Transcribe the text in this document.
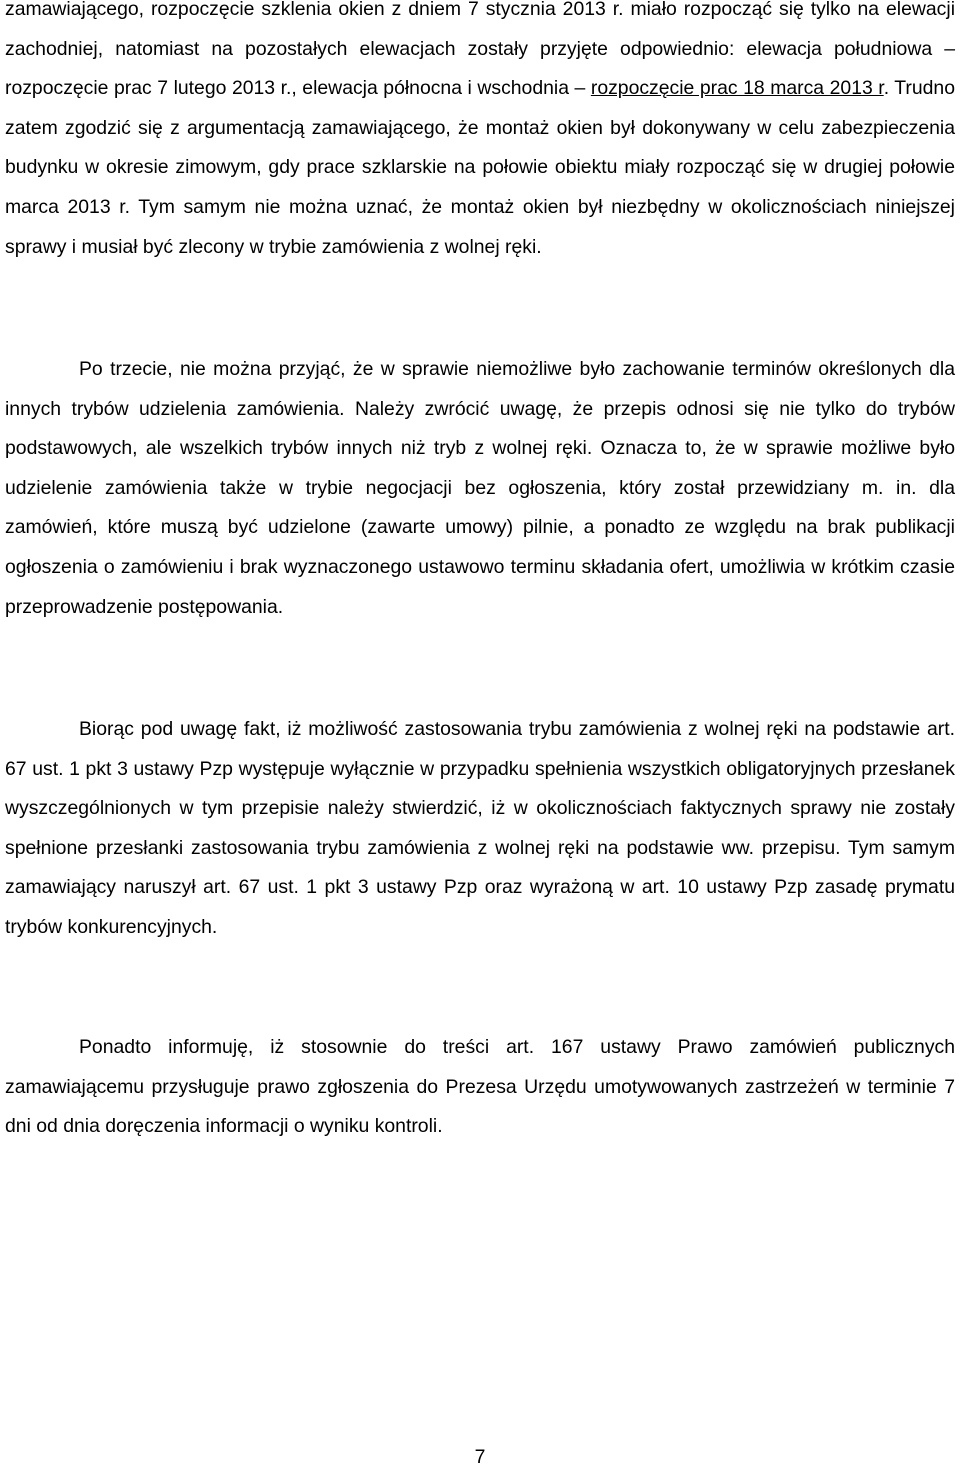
zamawiającego, rozpoczęcie szklenia okien z dniem 7 stycznia 2013 r. miało rozpocząć się tylko na elewacji zachodniej, natomiast na pozostałych elewacjach zostały przyjęte odpowiednio: elewacja południowa – rozpoczęcie prac 7 lutego 2013 r., elewacja północna i wschodnia – rozpoczęcie prac 18 marca 2013 r. Trudno zatem zgodzić się z argumentacją zamawiającego, że montaż okien był dokonywany w celu zabezpieczenia budynku w okresie zimowym, gdy prace szklarskie na połowie obiektu miały rozpocząć się w drugiej połowie marca 2013 r. Tym samym nie można uznać, że montaż okien był niezbędny w okolicznościach niniejszej sprawy i musiał być zlecony w trybie zamówienia z wolnej ręki.

Po trzecie, nie można przyjąć, że w sprawie niemożliwe było zachowanie terminów określonych dla innych trybów udzielenia zamówienia. Należy zwrócić uwagę, że przepis odnosi się nie tylko do trybów podstawowych, ale wszelkich trybów innych niż tryb z wolnej ręki. Oznacza to, że w sprawie możliwe było udzielenie zamówienia także w trybie negocjacji bez ogłoszenia, który został przewidziany m. in. dla zamówień, które muszą być udzielone (zawarte umowy) pilnie, a ponadto ze względu na brak publikacji ogłoszenia o zamówieniu i brak wyznaczonego ustawowo terminu składania ofert, umożliwia w krótkim czasie przeprowadzenie postępowania.

Biorąc pod uwagę fakt, iż możliwość zastosowania trybu zamówienia z wolnej ręki na podstawie art. 67 ust. 1 pkt 3 ustawy Pzp występuje wyłącznie w przypadku spełnienia wszystkich obligatoryjnych przesłanek wyszczególnionych w tym przepisie należy stwierdzić, iż w okolicznościach faktycznych sprawy nie zostały spełnione przesłanki zastosowania trybu zamówienia z wolnej ręki na podstawie ww. przepisu. Tym samym zamawiający naruszył art. 67 ust. 1 pkt 3 ustawy Pzp oraz wyrażoną w art. 10 ustawy Pzp zasadę prymatu trybów konkurencyjnych.

Ponadto informuję, iż stosownie do treści art. 167 ustawy Prawo zamówień publicznych zamawiającemu przysługuje prawo zgłoszenia do Prezesa Urzędu umotywowanych zastrzeżeń w terminie 7 dni od dnia doręczenia informacji o wyniku kontroli.

7
